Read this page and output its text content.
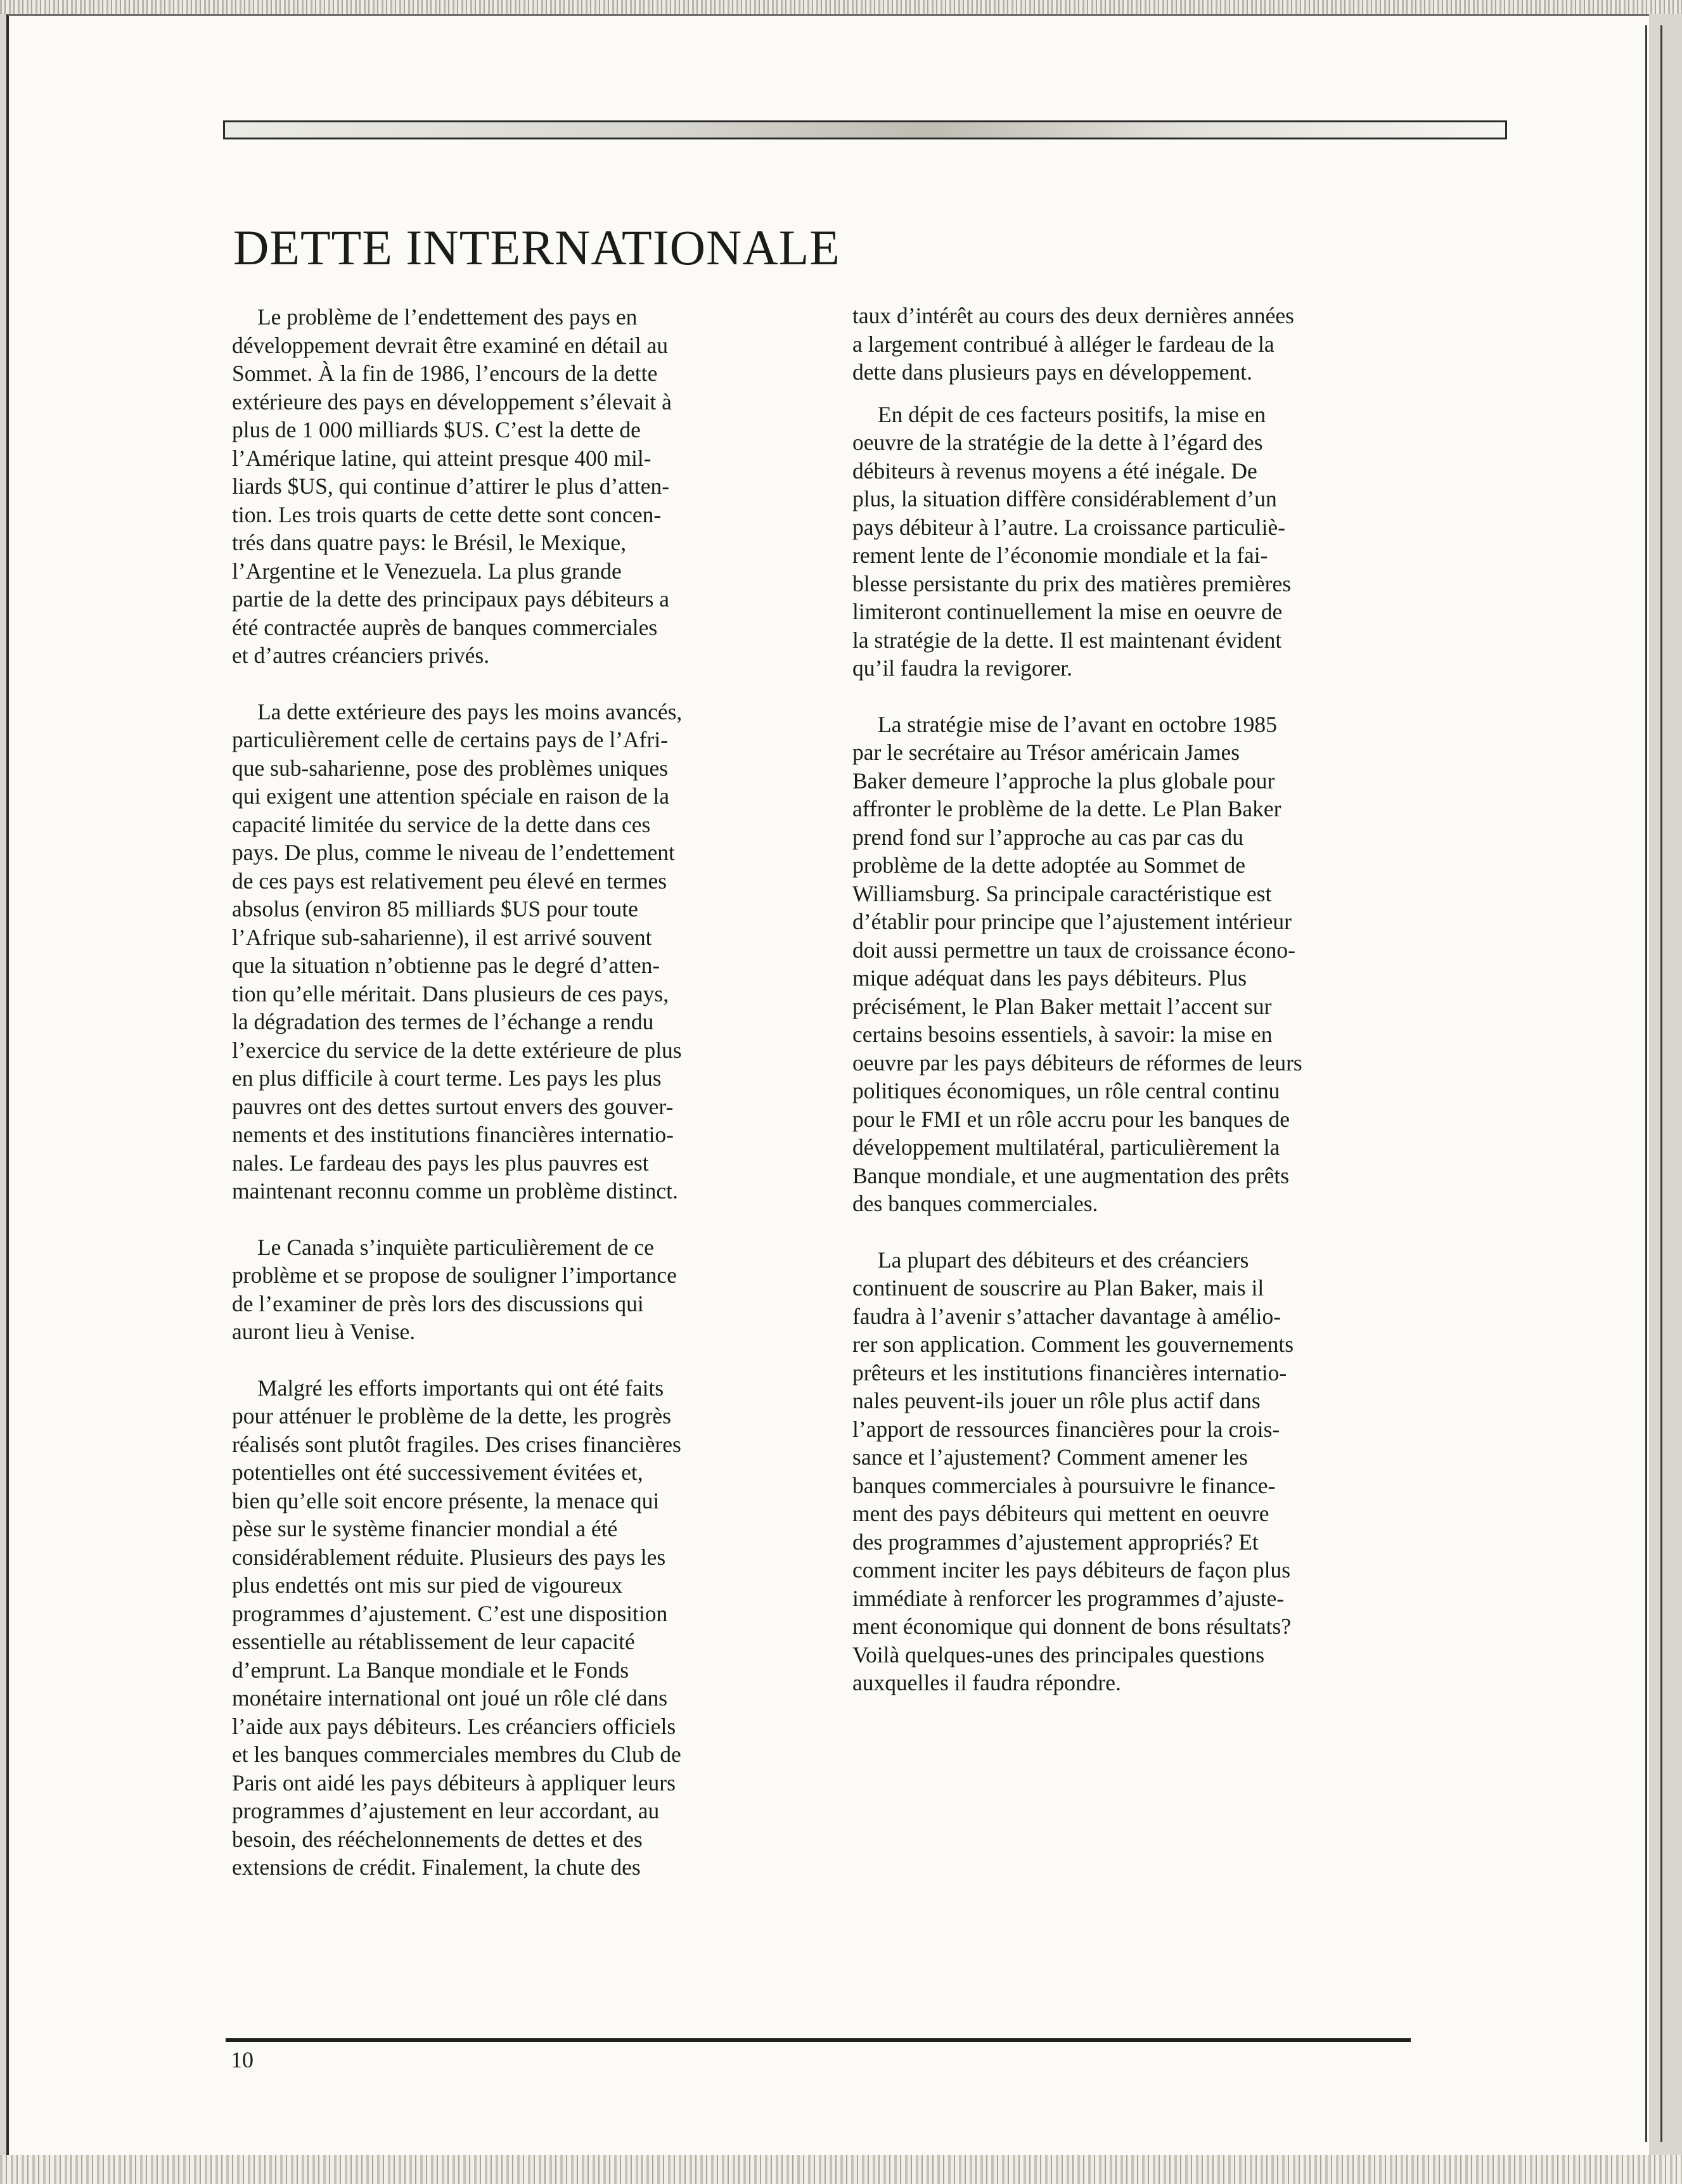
DETTE INTERNATIONALE

Le problème de l’endettement des pays en

développement devrait être examiné en détail au

Sommet. À la fin de 1986, l’encours de la dette

extérieure des pays en développement s’élevait à

plus de 1 000 milliards $US. C’est la dette de

l’Amérique latine, qui atteint presque 400 mil-

liards $US, qui continue d’attirer le plus d’atten-

tion. Les trois quarts de cette dette sont concen-

trés dans quatre pays: le Brésil, le Mexique,

l’Argentine et le Venezuela. La plus grande

partie de la dette des principaux pays débiteurs a

été contractée auprès de banques commerciales

et d’autres créanciers privés.

La dette extérieure des pays les moins avancés,

particulièrement celle de certains pays de l’Afri-

que sub-saharienne, pose des problèmes uniques

qui exigent une attention spéciale en raison de la

capacité limitée du service de la dette dans ces

pays. De plus, comme le niveau de l’endettement

de ces pays est relativement peu élevé en termes

absolus (environ 85 milliards $US pour toute

l’Afrique sub-saharienne), il est arrivé souvent

que la situation n’obtienne pas le degré d’atten-

tion qu’elle méritait. Dans plusieurs de ces pays,

la dégradation des termes de l’échange a rendu

l’exercice du service de la dette extérieure de plus

en plus difficile à court terme. Les pays les plus

pauvres ont des dettes surtout envers des gouver-

nements et des institutions financières internatio-

nales. Le fardeau des pays les plus pauvres est

maintenant reconnu comme un problème distinct.

Le Canada s’inquiète particulièrement de ce

problème et se propose de souligner l’importance

de l’examiner de près lors des discussions qui

auront lieu à Venise.

Malgré les efforts importants qui ont été faits

pour atténuer le problème de la dette, les progrès

réalisés sont plutôt fragiles. Des crises financières

potentielles ont été successivement évitées et,

bien qu’elle soit encore présente, la menace qui

pèse sur le système financier mondial a été

considérablement réduite. Plusieurs des pays les

plus endettés ont mis sur pied de vigoureux

programmes d’ajustement. C’est une disposition

essentielle au rétablissement de leur capacité

d’emprunt. La Banque mondiale et le Fonds

monétaire international ont joué un rôle clé dans

l’aide aux pays débiteurs. Les créanciers officiels

et les banques commerciales membres du Club de

Paris ont aidé les pays débiteurs à appliquer leurs

programmes d’ajustement en leur accordant, au

besoin, des rééchelonnements de dettes et des

extensions de crédit. Finalement, la chute des

taux d’intérêt au cours des deux dernières années

a largement contribué à alléger le fardeau de la

dette dans plusieurs pays en développement.

En dépit de ces facteurs positifs, la mise en

oeuvre de la stratégie de la dette à l’égard des

débiteurs à revenus moyens a été inégale. De

plus, la situation diffère considérablement d’un

pays débiteur à l’autre. La croissance particuliè-

rement lente de l’économie mondiale et la fai-

blesse persistante du prix des matières premières

limiteront continuellement la mise en oeuvre de

la stratégie de la dette. Il est maintenant évident

qu’il faudra la revigorer.

La stratégie mise de l’avant en octobre 1985

par le secrétaire au Trésor américain James

Baker demeure l’approche la plus globale pour

affronter le problème de la dette. Le Plan Baker

prend fond sur l’approche au cas par cas du

problème de la dette adoptée au Sommet de

Williamsburg. Sa principale caractéristique est

d’établir pour principe que l’ajustement intérieur

doit aussi permettre un taux de croissance écono-

mique adéquat dans les pays débiteurs. Plus

précisément, le Plan Baker mettait l’accent sur

certains besoins essentiels, à savoir: la mise en

oeuvre par les pays débiteurs de réformes de leurs

politiques économiques, un rôle central continu

pour le FMI et un rôle accru pour les banques de

développement multilatéral, particulièrement la

Banque mondiale, et une augmentation des prêts

des banques commerciales.

La plupart des débiteurs et des créanciers

continuent de souscrire au Plan Baker, mais il

faudra à l’avenir s’attacher davantage à amélio-

rer son application. Comment les gouvernements

prêteurs et les institutions financières internatio-

nales peuvent-ils jouer un rôle plus actif dans

l’apport de ressources financières pour la crois-

sance et l’ajustement? Comment amener les

banques commerciales à poursuivre le finance-

ment des pays débiteurs qui mettent en oeuvre

des programmes d’ajustement appropriés? Et

comment inciter les pays débiteurs de façon plus

immédiate à renforcer les programmes d’ajuste-

ment économique qui donnent de bons résultats?

Voilà quelques-unes des principales questions

auxquelles il faudra répondre.

10
